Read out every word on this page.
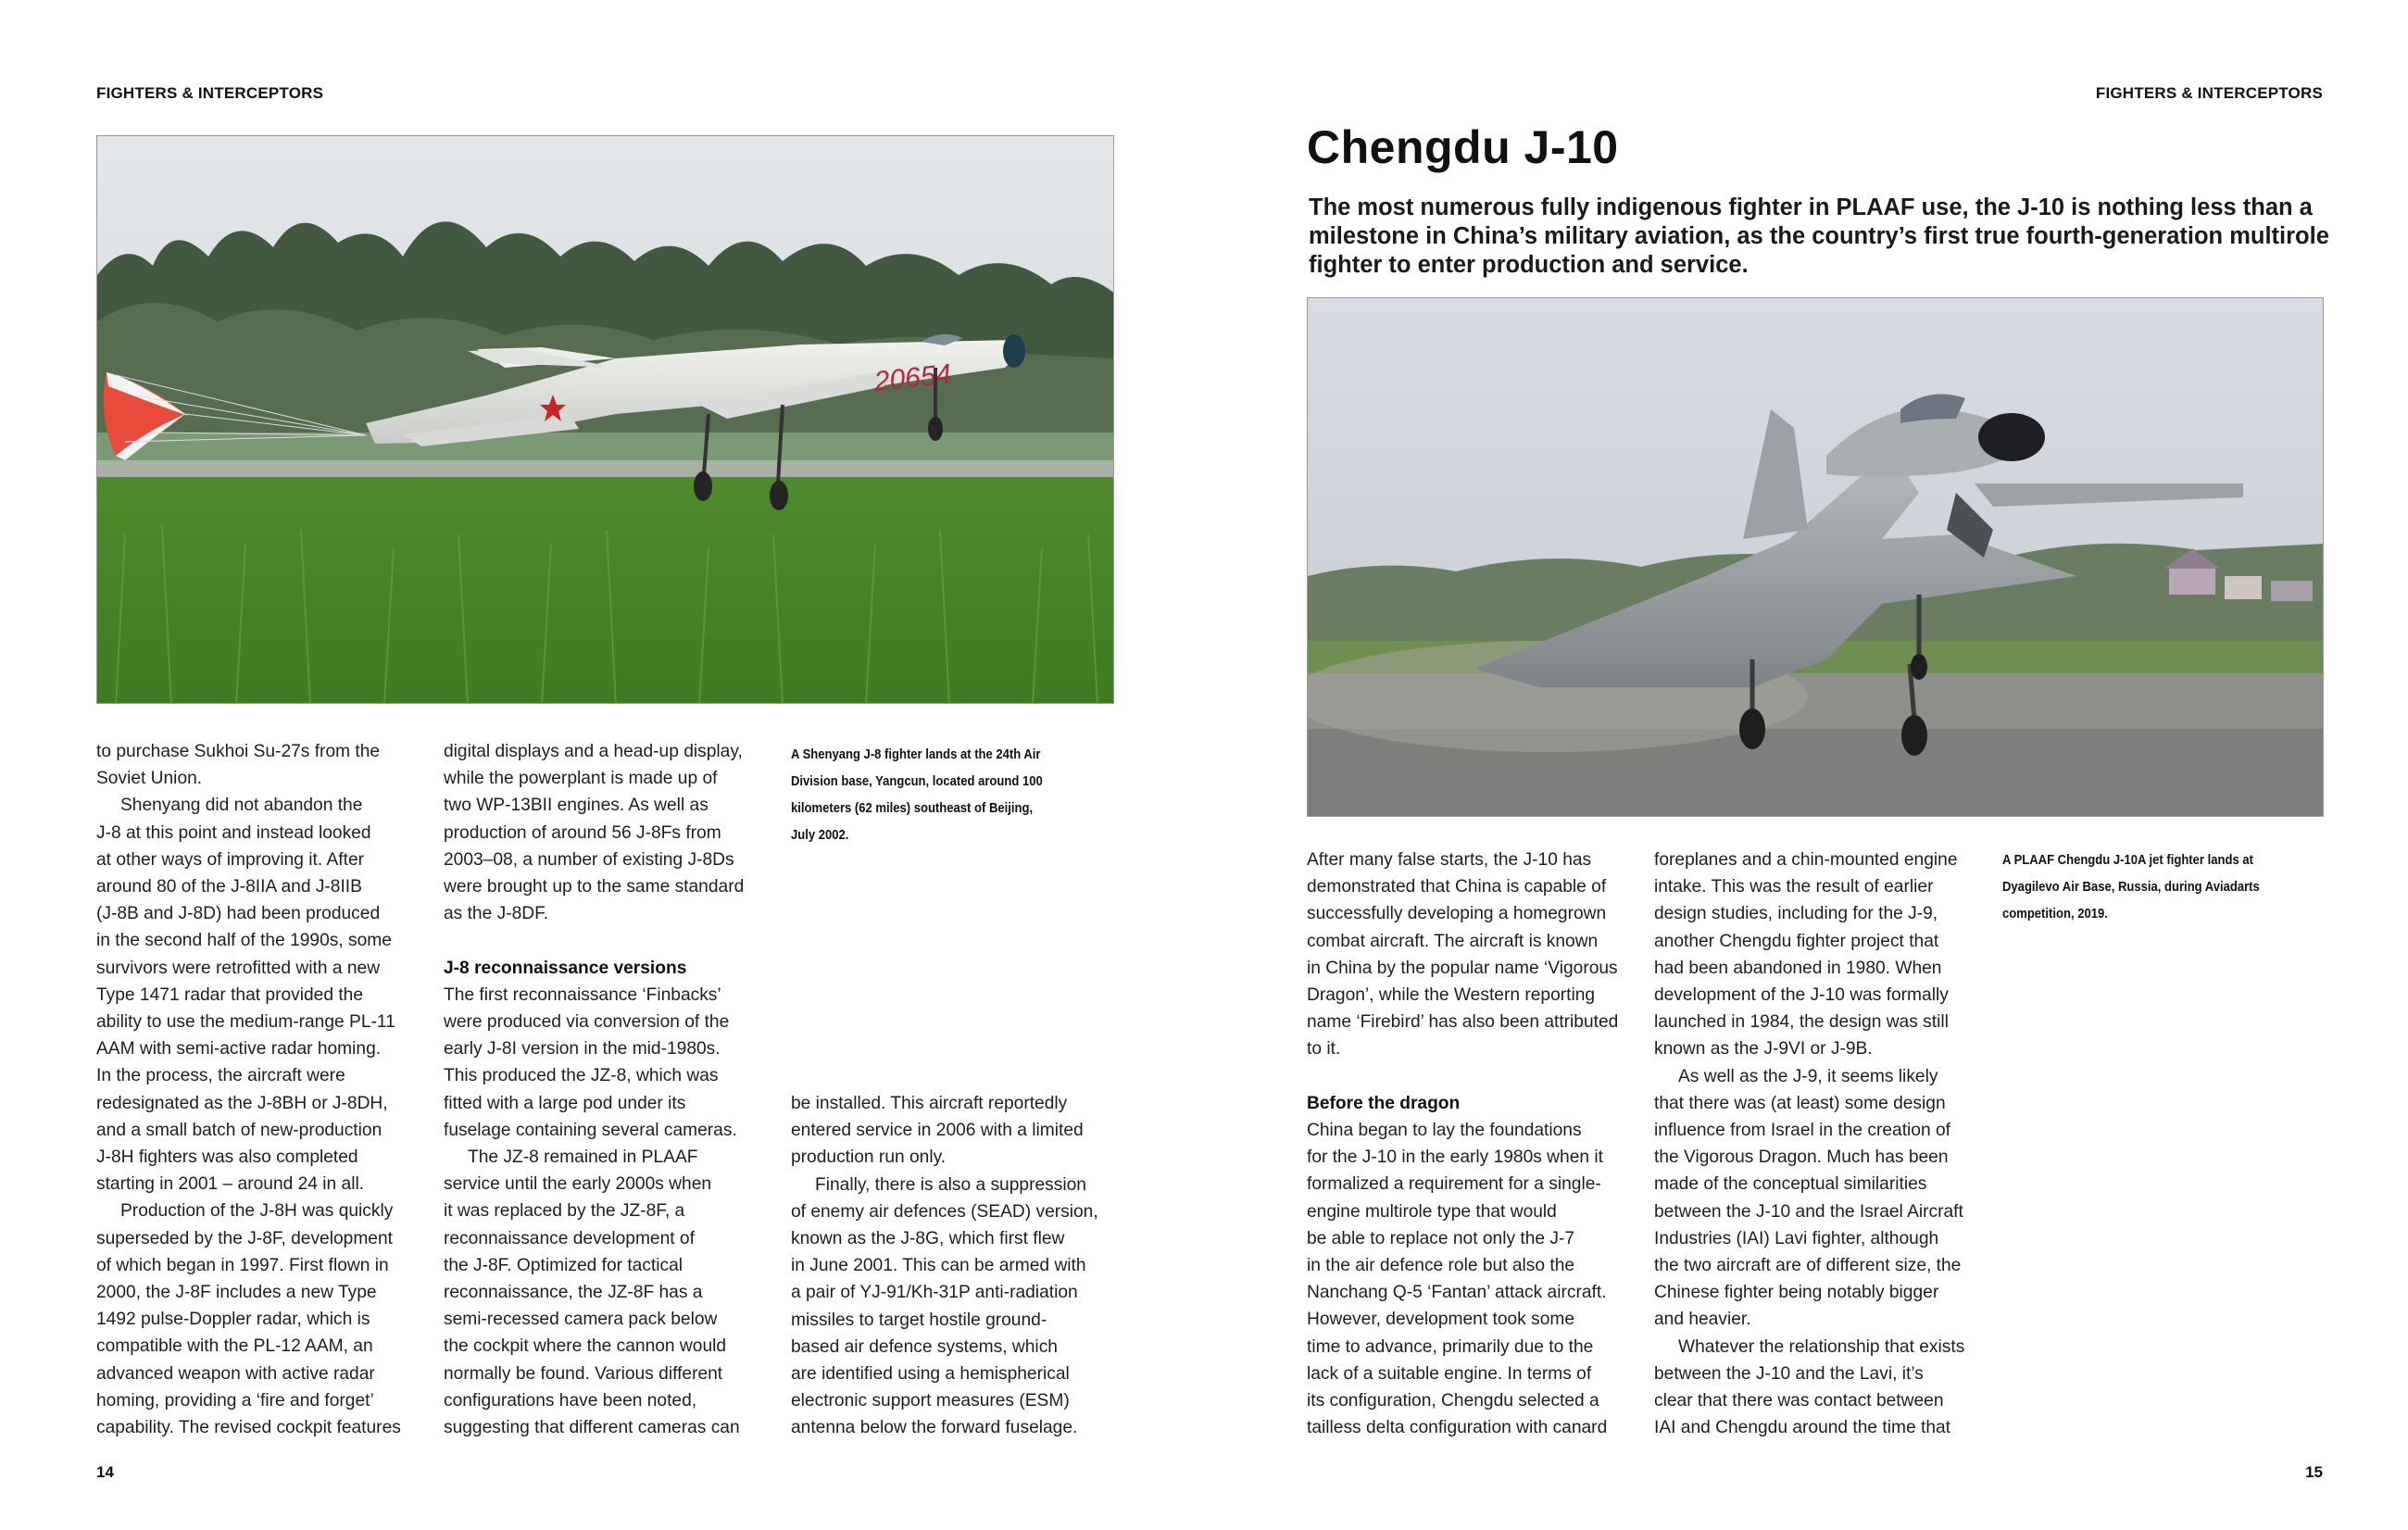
FIGHTERS & INTERCEPTORS
20654
A Shenyang J-8 fighter lands at the 24th Air
Division base, Yangcun, located around 100
kilometers (62 miles) southeast of Beijing,
July 2002.

to purchase Sukhoi Su-27s from the

Soviet Union.

Shenyang did not abandon the

J-8 at this point and instead looked

at other ways of improving it. After

around 80 of the J-8IIA and J-8IIB

(J-8B and J-8D) had been produced

in the second half of the 1990s, some

survivors were retrofitted with a new

Type 1471 radar that provided the

ability to use the medium-range PL-11

AAM with semi-active radar homing.

In the process, the aircraft were

redesignated as the J-8BH or J-8DH,

and a small batch of new-production

J-8H fighters was also completed

starting in 2001 – around 24 in all.

Production of the J-8H was quickly

superseded by the J-8F, development

of which began in 1997. First flown in

2000, the J-8F includes a new Type

1492 pulse-Doppler radar, which is

compatible with the PL-12 AAM, an

advanced weapon with active radar

homing, providing a ‘fire and forget’

capability. The revised cockpit features

digital displays and a head-up display,

while the powerplant is made up of

two WP-13BII engines. As well as

production of around 56 J-8Fs from

2003–08, a number of existing J-8Ds

were brought up to the same standard

as the J-8DF.

J-8 reconnaissance versions

The first reconnaissance ‘Finbacks’

were produced via conversion of the

early J-8I version in the mid-1980s.

This produced the JZ-8, which was

fitted with a large pod under its

fuselage containing several cameras.

The JZ-8 remained in PLAAF

service until the early 2000s when

it was replaced by the JZ-8F, a

reconnaissance development of

the J-8F. Optimized for tactical

reconnaissance, the JZ-8F has a

semi-recessed camera pack below

the cockpit where the cannon would

normally be found. Various different

configurations have been noted,

suggesting that different cameras can

be installed. This aircraft reportedly

entered service in 2006 with a limited

production run only.

Finally, there is also a suppression

of enemy air defences (SEAD) version,

known as the J-8G, which first flew

in June 2001. This can be armed with

a pair of YJ-91/Kh-31P anti-radiation

missiles to target hostile ground-

based air defence systems, which

are identified using a hemispherical

electronic support measures (ESM)

antenna below the forward fuselage.

14
FIGHTERS & INTERCEPTORS
Chengdu J-10
The most numerous fully indigenous fighter in PLAAF use, the J-10 is nothing less than a milestone in China’s military aviation, as the country’s first true fourth-generation multirole fighter to enter production and service.
A PLAAF Chengdu J-10A jet fighter lands at
Dyagilevo Air Base, Russia, during Aviadarts
competition, 2019.

After many false starts, the J-10 has

demonstrated that China is capable of

successfully developing a homegrown

combat aircraft. The aircraft is known

in China by the popular name ‘Vigorous

Dragon’, while the Western reporting

name ‘Firebird’ has also been attributed

to it.

Before the dragon

China began to lay the foundations

for the J-10 in the early 1980s when it

formalized a requirement for a single-

engine multirole type that would

be able to replace not only the J-7

in the air defence role but also the

Nanchang Q-5 ‘Fantan’ attack aircraft.

However, development took some

time to advance, primarily due to the

lack of a suitable engine. In terms of

its configuration, Chengdu selected a

tailless delta configuration with canard

foreplanes and a chin-mounted engine

intake. This was the result of earlier

design studies, including for the J-9,

another Chengdu fighter project that

had been abandoned in 1980. When

development of the J-10 was formally

launched in 1984, the design was still

known as the J-9VI or J-9B.

As well as the J-9, it seems likely

that there was (at least) some design

influence from Israel in the creation of

the Vigorous Dragon. Much has been

made of the conceptual similarities

between the J-10 and the Israel Aircraft

Industries (IAI) Lavi fighter, although

the two aircraft are of different size, the

Chinese fighter being notably bigger

and heavier.

Whatever the relationship that exists

between the J-10 and the Lavi, it’s

clear that there was contact between

IAI and Chengdu around the time that

15
